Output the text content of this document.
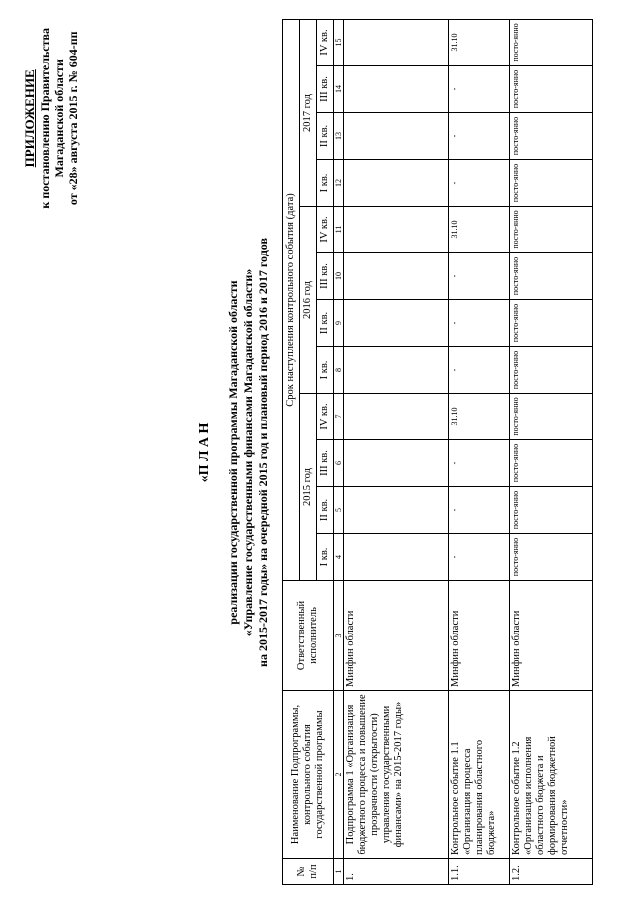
ПРИЛОЖЕНИЕ к постановлению Правительства Магаданской области от «28» августа 2015 г. № 604-пп
«П Л А Н реализации государственной программы Магаданской области «Управление государственными финансами Магаданской области» на 2015-2017 годы» на очередной 2015 год и плановый период 2016 и 2017 годов
№ п/п	Наименование Подпрограммы, контрольного события государственной программы	Ответственный исполнитель	Срок наступления контрольного события (дата)											
			2015 год				2016 год				2017 год			
			I кв.	II кв.	III кв.	IV кв.	I кв.	II кв.	III кв.	IV кв.	I кв.	II кв.	III кв.	IV кв.
1	2	3	4	5	6	7	8	9	10	11	12	13	14	15
1.	Подпрограмма 1 «Организация бюджетного процесса и повышение прозрачности (открытости) управления государственными финансами» на 2015-2017 годы»	Минфин области												
1.1.	Контрольное событие 1.1 «Организация процесса планирования областного бюджета»	Минфин области	-	-	-	31.10	-	-	-	31.10	-	-	-	31.10
1.2.	Контрольное событие 1.2 «Организация исполнения областного бюджета и формирования бюджетной отчетности»	Минфин области	посто-янно	посто-янно	посто-янно	посто-янно	посто-янно	посто-янно	посто-янно	посто-янно	посто-янно	посто-янно	посто-янно	посто-янно
